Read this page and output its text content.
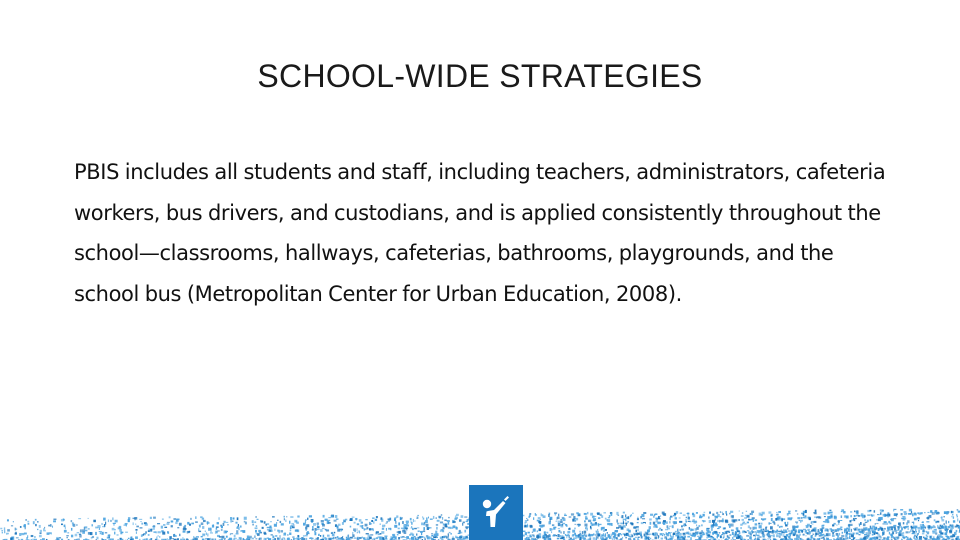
SCHOOL-WIDE STRATEGIES

PBIS includes all students and staff, including teachers, administrators, cafeteria workers, bus drivers, and custodians, and is applied consistently throughout the school—classrooms, hallways, cafeterias, bathrooms, playgrounds, and the school bus (Metropolitan Center for Urban Education, 2008).
